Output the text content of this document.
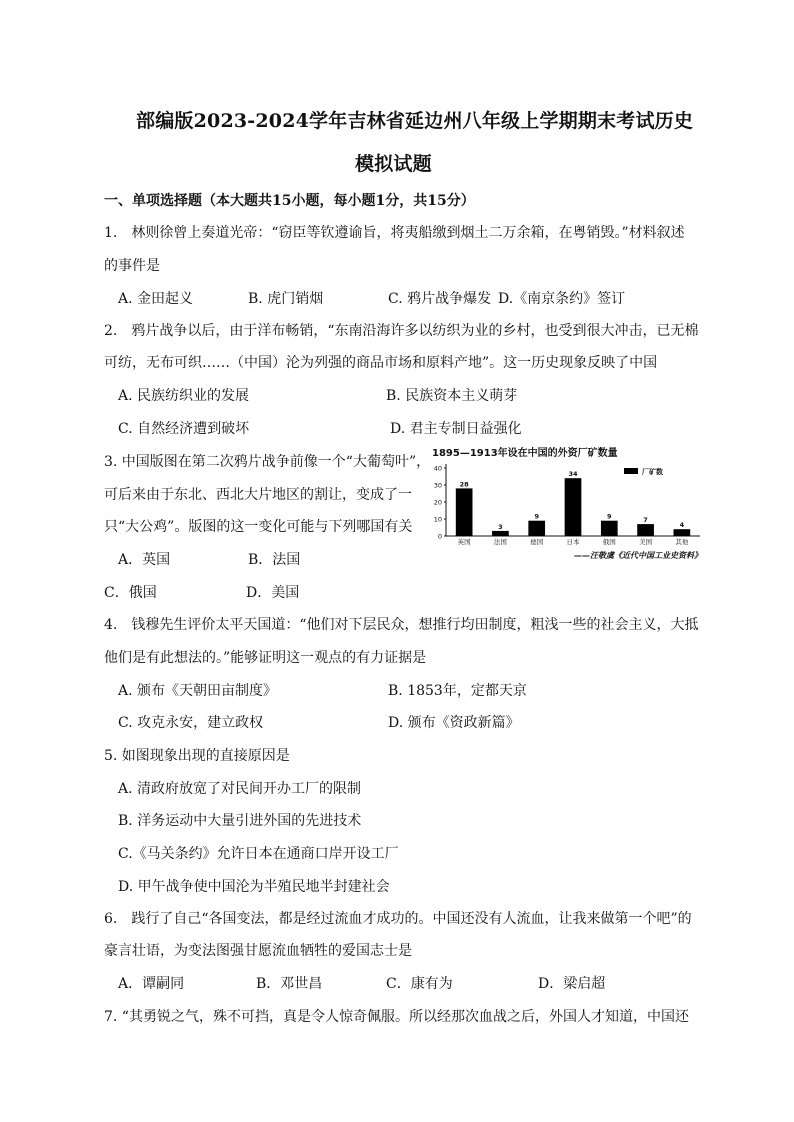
部编版2023-2024学年吉林省延边州八年级上学期期末考试历史
模拟试题
一、单项选择题（本大题共15小题，每小题1分，共15分）
1.　林则徐曾上奏道光帝：“窃臣等钦遵谕旨，将夷船缴到烟土二万余箱，在粤销毁。”材料叙述
的事件是
A. 金田起义	B. 虎门销烟	C. 鸦片战争爆发 D.《南京条约》签订
2.　鸦片战争以后，由于洋布畅销，“东南沿海许多以纺织为业的乡村，也受到很大冲击，已无棉
可纺，无布可织……（中国）沦为列强的商品市场和原料产地”。这一历史现象反映了中国
A. 民族纺织业的发展	B. 民族资本主义萌芽
C. 自然经济遭到破坏	D. 君主专制日益强化
3. 中国版图在第二次鸦片战争前像一个“大葡萄叶”，
可后来由于东北、西北大片地区的割让，变成了一
只“大公鸡”。版图的这一变化可能与下列哪国有关
A．英国	B．法国
C．俄国	D．美国
1895—1913年设在中国的外资厂矿数量
0
10
20
30
40
28
英国
3
法国
9
德国
34
日本
9
俄国
7
美国
4
其他
厂矿数
——汪敬虞《近代中国工业史资料》
4.　钱穆先生评价太平天国道：“他们对下层民众，想推行均田制度，粗浅一些的社会主义，大抵
他们是有此想法的。”能够证明这一观点的有力证据是
A. 颁布《天朝田亩制度》	B. 1853年，定都天京
C. 攻克永安，建立政权	D. 颁布《资政新篇》
5. 如图现象出现的直接原因是
A. 清政府放宽了对民间开办工厂的限制
B. 洋务运动中大量引进外国的先进技术
C.《马关条约》允许日本在通商口岸开设工厂
D. 甲午战争使中国沦为半殖民地半封建社会
6.　践行了自己“各国变法，都是经过流血才成功的。中国还没有人流血，让我来做第一个吧”的
豪言壮语，为变法图强甘愿流血牺牲的爱国志士是
A．谭嗣同	B．邓世昌	C．康有为	D．梁启超
7. “其勇锐之气，殊不可挡，真是令人惊奇佩服。所以经那次血战之后，外国人才知道，中国还
